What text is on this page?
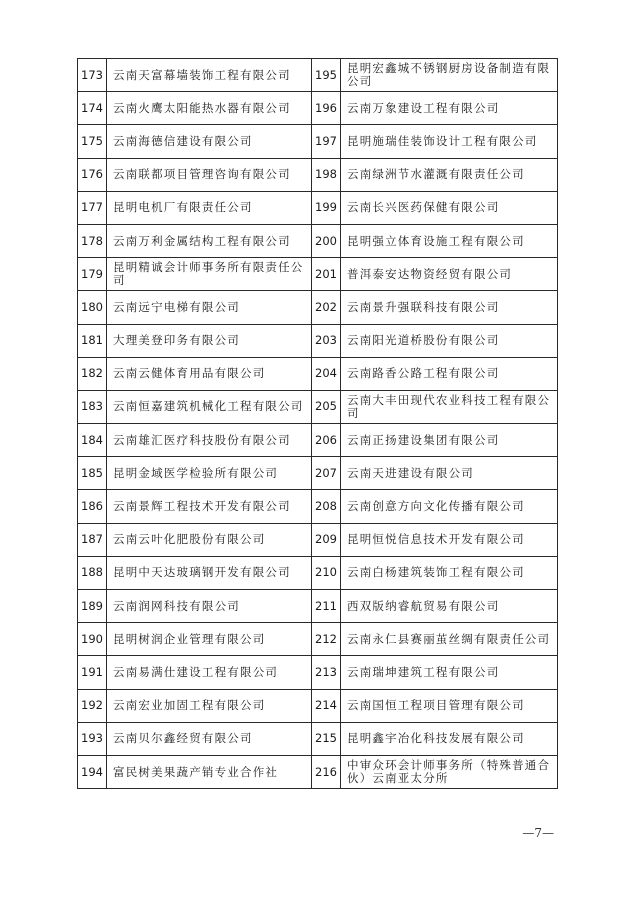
173	云南天富幕墙装饰工程有限公司	195	昆明宏鑫城不锈钢厨房设备制造有限公司
174	云南火鹰太阳能热水器有限公司	196	云南万象建设工程有限公司
175	云南海德信建设有限公司	197	昆明施瑞佳装饰设计工程有限公司
176	云南联都项目管理咨询有限公司	198	云南绿洲节水灌溉有限责任公司
177	昆明电机厂有限责任公司	199	云南长兴医药保健有限公司
178	云南万利金属结构工程有限公司	200	昆明强立体育设施工程有限公司
179	昆明精诚会计师事务所有限责任公司	201	普洱泰安达物资经贸有限公司
180	云南远宁电梯有限公司	202	云南景升强联科技有限公司
181	大理美登印务有限公司	203	云南阳光道桥股份有限公司
182	云南云健体育用品有限公司	204	云南路香公路工程有限公司
183	云南恒嘉建筑机械化工程有限公司	205	云南大丰田现代农业科技工程有限公司
184	云南雄汇医疗科技股份有限公司	206	云南正扬建设集团有限公司
185	昆明金域医学检验所有限公司	207	云南天进建设有限公司
186	云南景辉工程技术开发有限公司	208	云南创意方向文化传播有限公司
187	云南云叶化肥股份有限公司	209	昆明恒悦信息技术开发有限公司
188	昆明中天达玻璃钢开发有限公司	210	云南白杨建筑装饰工程有限公司
189	云南润网科技有限公司	211	西双版纳睿航贸易有限公司
190	昆明树润企业管理有限公司	212	云南永仁县赛丽茧丝绸有限责任公司
191	云南易满仕建设工程有限公司	213	云南瑞坤建筑工程有限公司
192	云南宏业加固工程有限公司	214	云南国恒工程项目管理有限公司
193	云南贝尔鑫经贸有限公司	215	昆明鑫宇冶化科技发展有限公司
194	富民树美果蔬产销专业合作社	216	中审众环会计师事务所（特殊普通合伙）云南亚太分所
—7—
